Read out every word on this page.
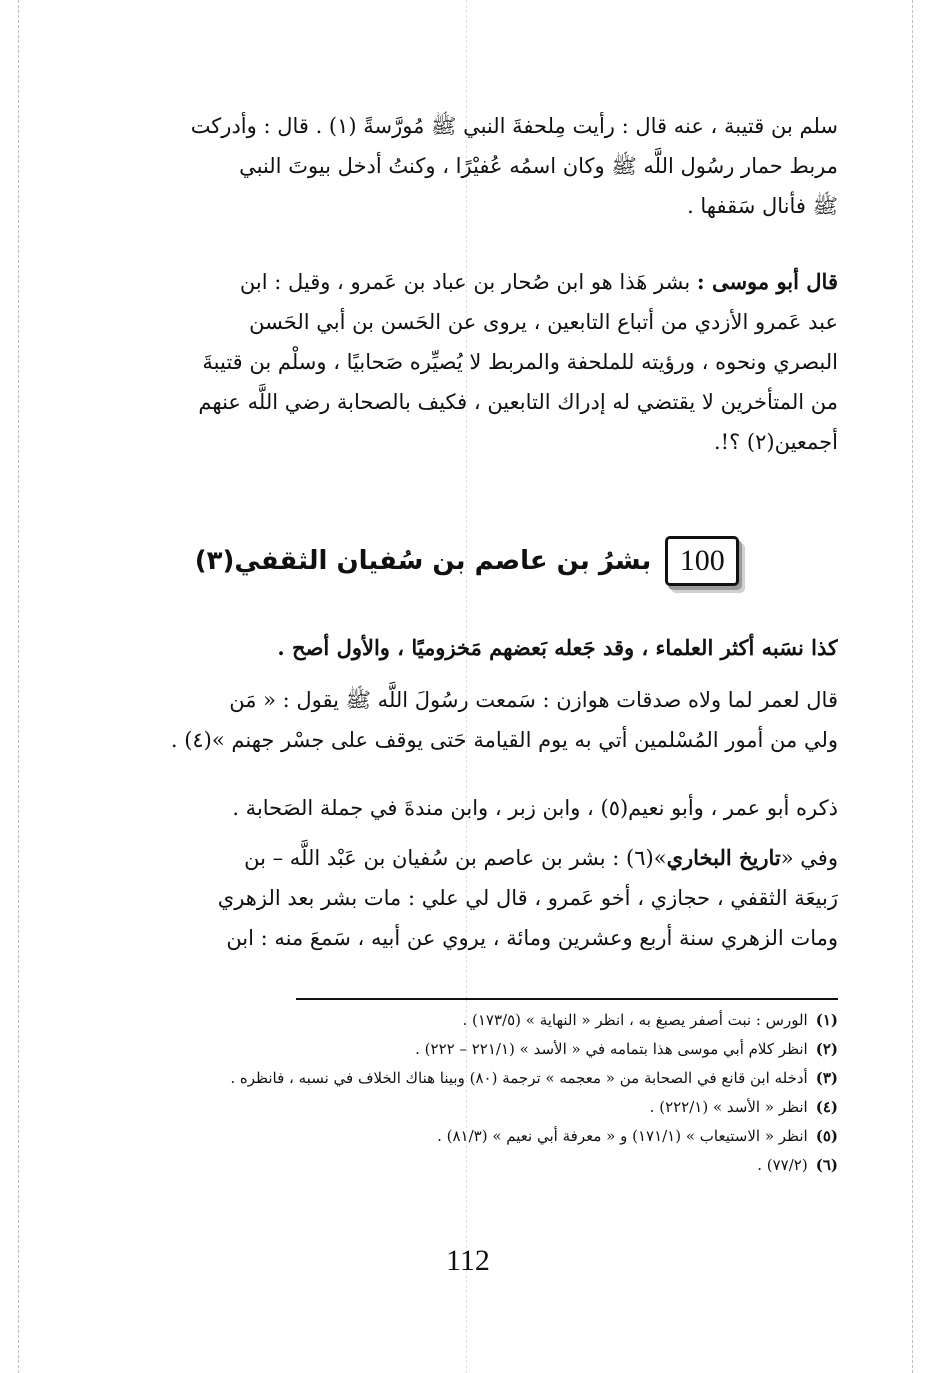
سلم بن قتيبة ، عنه قال : رأيت مِلحفةَ النبي ﷺ مُورَّسةً (١) . قال : وأدركت
مربط حمار رسُول اللَّه ﷺ وكان اسمُه عُفيْرًا ، وكنتُ أدخل بيوتَ النبي
ﷺ فأنال سَقفها .
قال أبو موسى : بشر هَذا هو ابن صُحار بن عباد بن عَمرو ، وقيل : ابن
عبد عَمرو الأزدي من أتباع التابعين ، يروى عن الحَسن بن أبي الحَسن
البصري ونحوه ، ورؤيته للملحفة والمربط لا يُصيِّره صَحابيًا ، وسلْم بن قتيبةَ
من المتأخرين لا يقتضي له إدراك التابعين ، فكيف بالصحابة رضي اللَّه عنهم
أجمعين(٢) ؟!.
100
بشرُ بن عاصم بن سُفيان الثقفي(٣)
كذا نسَبه أكثر العلماء ، وقد جَعله بَعضهم مَخزوميًا ، والأول أصح .
قال لعمر لما ولاه صدقات هوازن : سَمعت رسُولَ اللَّه ﷺ يقول : « مَن
ولي من أمور المُسْلمين أتي به يوم القيامة حَتى يوقف على جسْر جهنم »(٤) .
ذكره أبو عمر ، وأبو نعيم(٥) ، وابن زبر ، وابن مندةَ في جملة الصَحابة .
وفي «تاريخ البخاري»(٦) : بشر بن عاصم بن سُفيان بن عَبْد اللَّه – بن
رَبيعَة الثقفي ، حجازي ، أخو عَمرو ، قال لي علي : مات بشر بعد الزهري
ومات الزهري سنة أربع وعشرين ومائة ، يروي عن أبيه ، سَمعَ منه : ابن
(١)الورس : نبت أصفر يصبغ به ، انظر « النهاية » (١٧٣/٥) .
(٢)انظر كلام أبي موسى هذا بتمامه في « الأسد » (٢٢١/١ – ٢٢٢) .
(٣)أدخله ابن قانع في الصحابة من « معجمه » ترجمة (٨٠) وبينا هناك الخلاف في نسبه ، فانظره .
(٤)انظر « الأسد » (٢٢٢/١) .
(٥)انظر « الاستيعاب » (١٧١/١) و « معرفة أبي نعيم » (٨١/٣) .
(٦)(٧٧/٢) .
112
